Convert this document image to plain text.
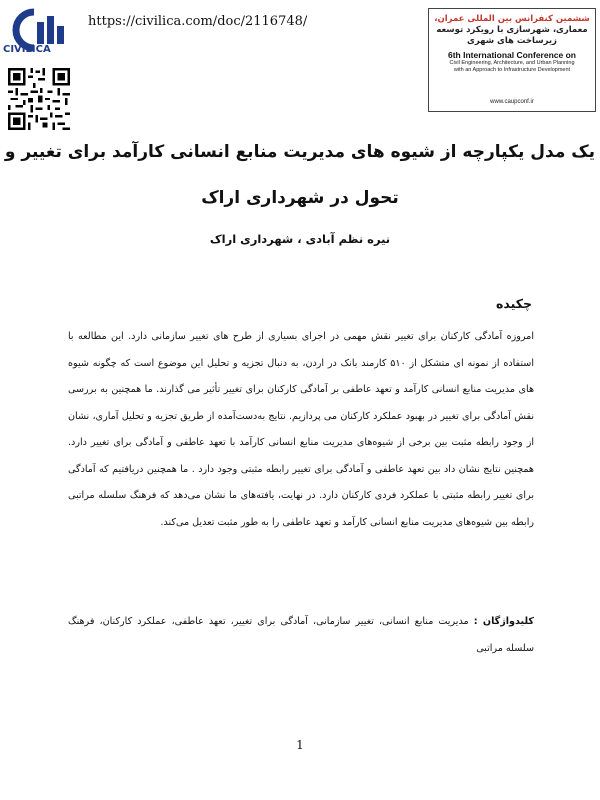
CIVILICA
https://civilica.com/doc/2116748/	ششمین کنفرانس بین المللی عمران،
معماری، شهرسازی با رویکرد توسعه
زیرساخت های شهری
6th International Conference on
Civil Engineering, Architecture, and Urban Planning
with an Approach to Infrastructure Development
www.caupconf.ir
یک مدل یکپارچه از شیوه های مدیریت منابع انسانی کارآمد برای تغییر و
تحول در شهرداری اراک
نیره نظم آبادی ، شهرداری اراک
چکیده
امروزه آمادگی کارکنان برای تغییر نقش مهمی در اجرای بسیاری از طرح های تغییر سازمانی دارد. این مطالعه با استفاده از نمونه ای متشکل از ۵۱۰ کارمند بانک در اردن، به دنبال تجزیه و تحلیل این موضوع است که چگونه شیوه های مدیریت منابع انسانی کارآمد و تعهد عاطفی بر آمادگی کارکنان برای تغییر تأثیر می گذارند. ما همچنین به بررسی نقش آمادگی برای تغییر در بهبود عملکرد کارکنان می پردازیم. نتایج به‌دست‌آمده از طریق تجزیه و تحلیل آماری، نشان از وجود رابطه مثبت بین برخی از شیوه‌های مدیریت منابع انسانی کارآمد با تعهد عاطفی و آمادگی برای تغییر دارد. همچنین نتایج نشان داد بین تعهد عاطفی و آمادگی برای تغییر رابطه مثبتی وجود دارد . ما همچنین دریافتیم که آمادگی برای تغییر رابطه مثبتی با عملکرد فردی کارکنان دارد. در نهایت، یافته‌های ما نشان می‌دهد که فرهنگ سلسله مراتبی رابطه بین شیوه‌های مدیریت منابع انسانی کارآمد و تعهد عاطفی را به طور مثبت تعدیل می‌کند.
کلیدواژگان : مدیریت منابع انسانی، تغییر سازمانی، آمادگی برای تغییر، تعهد عاطفی، عملکرد کارکنان، فرهنگ سلسله مراتبی
1
